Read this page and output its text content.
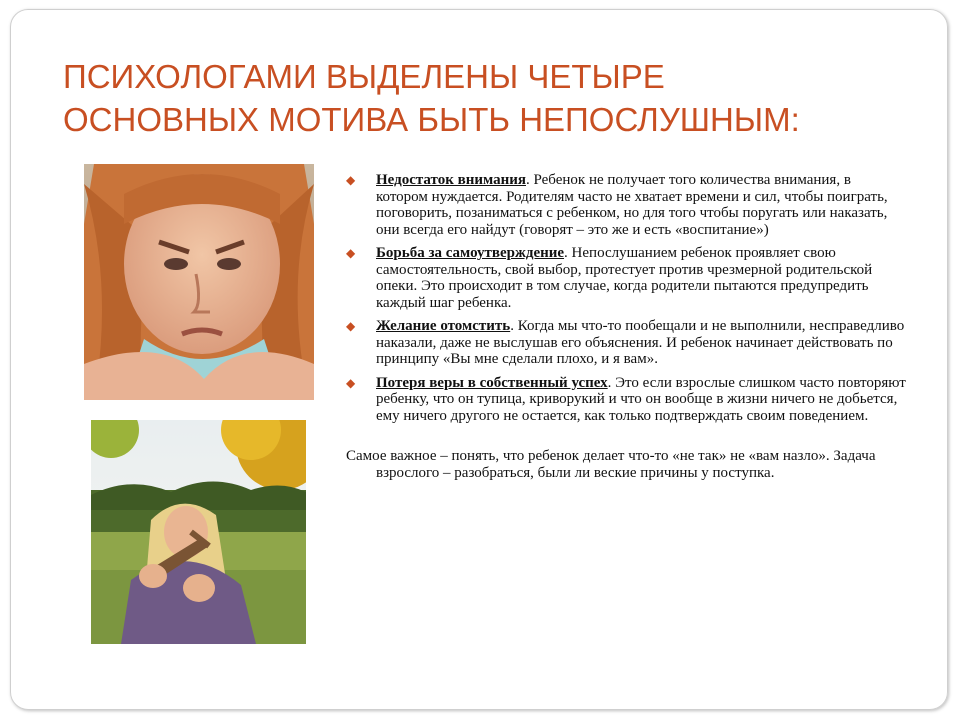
ПСИХОЛОГАМИ ВЫДЕЛЕНЫ ЧЕТЫРЕ ОСНОВНЫХ МОТИВА БЫТЬ НЕПОСЛУШНЫМ:
◆ Недостаток внимания. Ребенок не получает того количества внимания, в котором нуждается. Родителям часто не хватает времени и сил, чтобы поиграть, поговорить, позаниматься с ребенком, но для того чтобы поругать или наказать, они всегда его найдут (говорят – это же и есть «воспитание»)
◆ Борьба за самоутверждение. Непослушанием ребенок проявляет свою самостоятельность, свой выбор, протестует против чрезмерной родительской опеки. Это происходит в том случае, когда родители пытаются предупредить каждый шаг ребенка.
◆ Желание отомстить. Когда мы что-то пообещали и не выполнили, несправедливо наказали, даже не выслушав его объяснения. И ребенок начинает действовать по принципу «Вы мне сделали плохо, и я вам».
◆ Потеря веры в собственный успех. Это если взрослые слишком часто повторяют ребенку, что он тупица, криворукий и что он вообще в жизни ничего не добьется, ему ничего другого не остается, как только подтверждать своим поведением.

Самое важное – понять, что ребенок делает что-то «не так» не «вам назло». Задача взрослого – разобраться, были ли веские причины у поступка.
